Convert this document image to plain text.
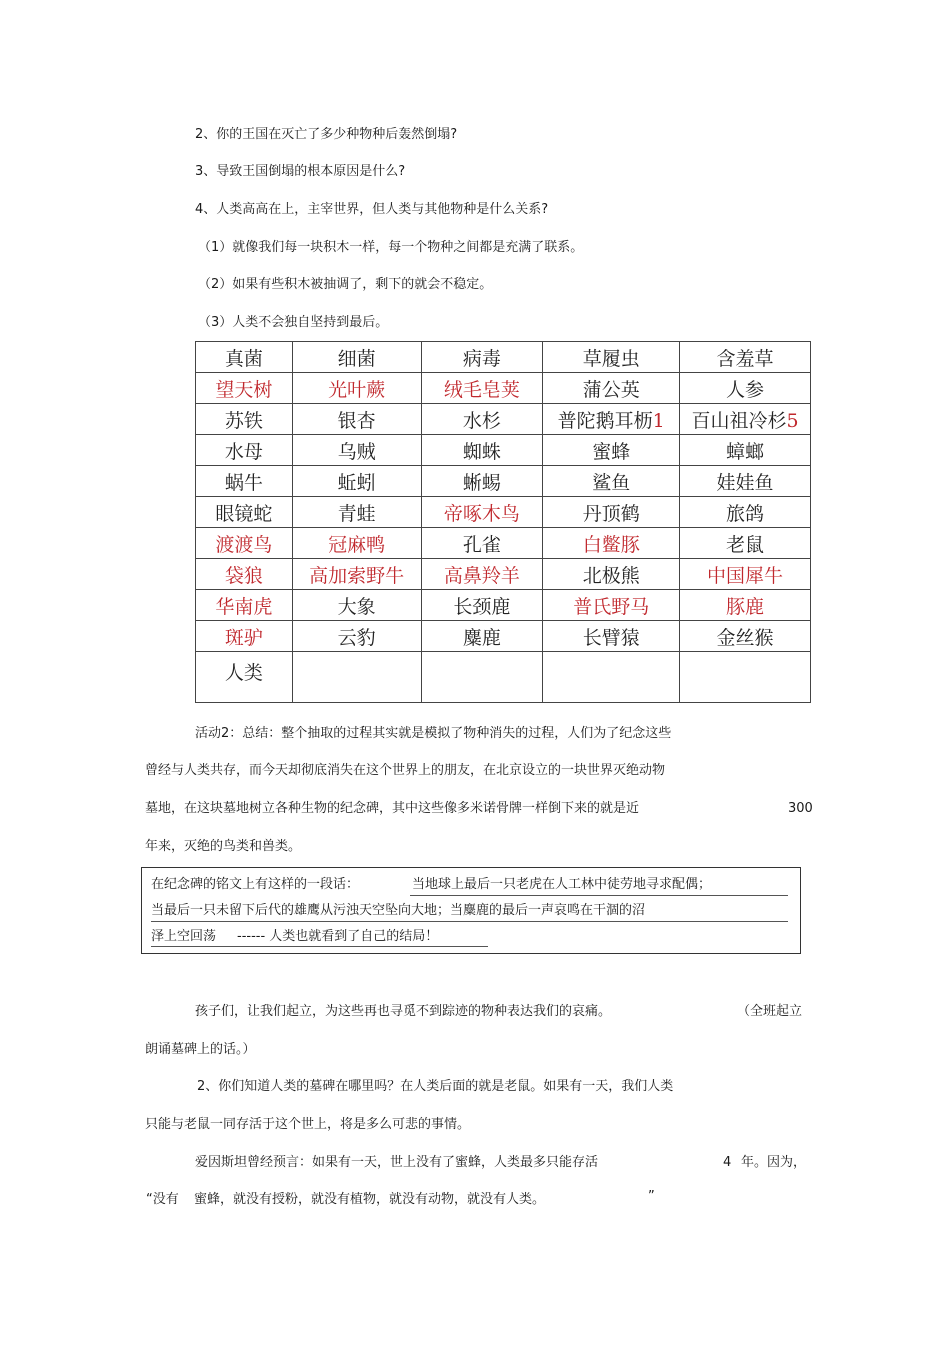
2、你的王国在灭亡了多少种物种后轰然倒塌?
3、导致王国倒塌的根本原因是什么?
4、人类高高在上，主宰世界，但人类与其他物种是什么关系?
（1）就像我们每一块积木一样，每一个物种之间都是充满了联系。
（2）如果有些积木被抽调了，剩下的就会不稳定。
（3）人类不会独自坚持到最后。
真菌	细菌	病毒	草履虫	含羞草
望天树	光叶蕨	绒毛皂荚	蒲公英	人参
苏铁	银杏	水杉	普陀鹅耳枥1	百山祖冷杉5
水母	乌贼	蜘蛛	蜜蜂	蟑螂
蜗牛	蚯蚓	蜥蜴	鲨鱼	娃娃鱼
眼镜蛇	青蛙	帝啄木鸟	丹顶鹤	旅鸽
渡渡鸟	冠麻鸭	孔雀	白鳖豚	老鼠
袋狼	高加索野牛	高鼻羚羊	北极熊	中国犀牛
华南虎	大象	长颈鹿	普氏野马	豚鹿
斑驴	云豹	麋鹿	长臂猿	金丝猴
人类				
活动2：总结：整个抽取的过程其实就是模拟了物种消失的过程，人们为了纪念这些
曾经与人类共存，而今天却彻底消失在这个世界上的朋友，在北京设立的一块世界灭绝动物
墓地，在这块墓地树立各种生物的纪念碑，其中这些像多米诺骨牌一样倒下来的就是近	300
年来，灭绝的鸟类和兽类。
在纪念碑的铭文上有这样的一段话：	当地球上最后一只老虎在人工林中徒劳地寻求配偶；
当最后一只未留下后代的雄鹰从污浊天空坠向大地；当麋鹿的最后一声哀鸣在干涸的沼
泽上空回荡 ------ 人类也就看到了自己的结局！
孩子们，让我们起立，为这些再也寻觅不到踪迹的物种表达我们的哀痛。	（全班起立
朗诵墓碑上的话。）
2、你们知道人类的墓碑在哪里吗？在人类后面的就是老鼠。如果有一天，我们人类
只能与老鼠一同存活于这个世上，将是多么可悲的事情。
爱因斯坦曾经预言：如果有一天，世上没有了蜜蜂，人类最多只能存活	4 年。因为，
“没有 蜜蜂，就没有授粉，就没有植物，就没有动物，就没有人类。	”
